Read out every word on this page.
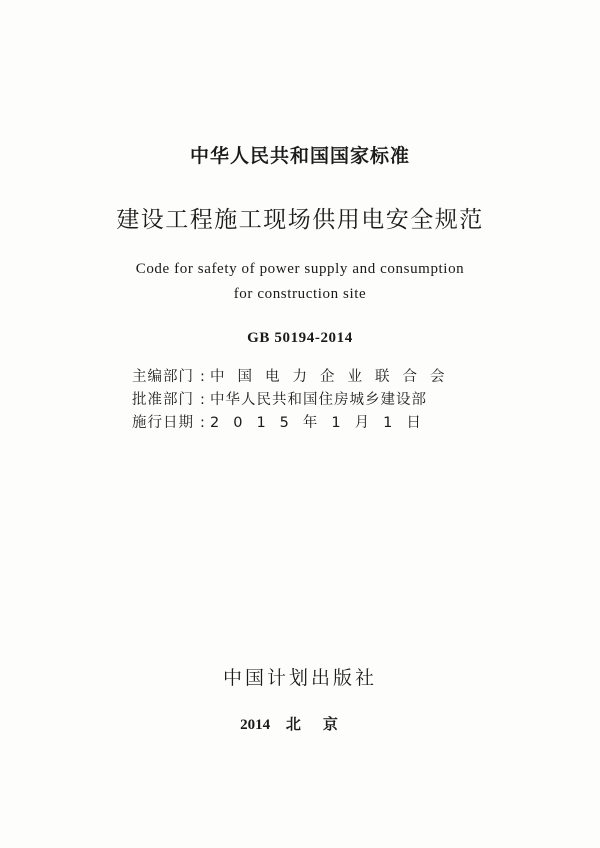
中华人民共和国国家标准
建设工程施工现场供用电安全规范
Code for safety of power supply and consumption
for construction site
GB 50194-2014
主编部门 : 中国电力企业联合会
批准部门 : 中华人民共和国住房城乡建设部
施行日期 : 2015年1月1日
中国计划出版社
2014 北京
